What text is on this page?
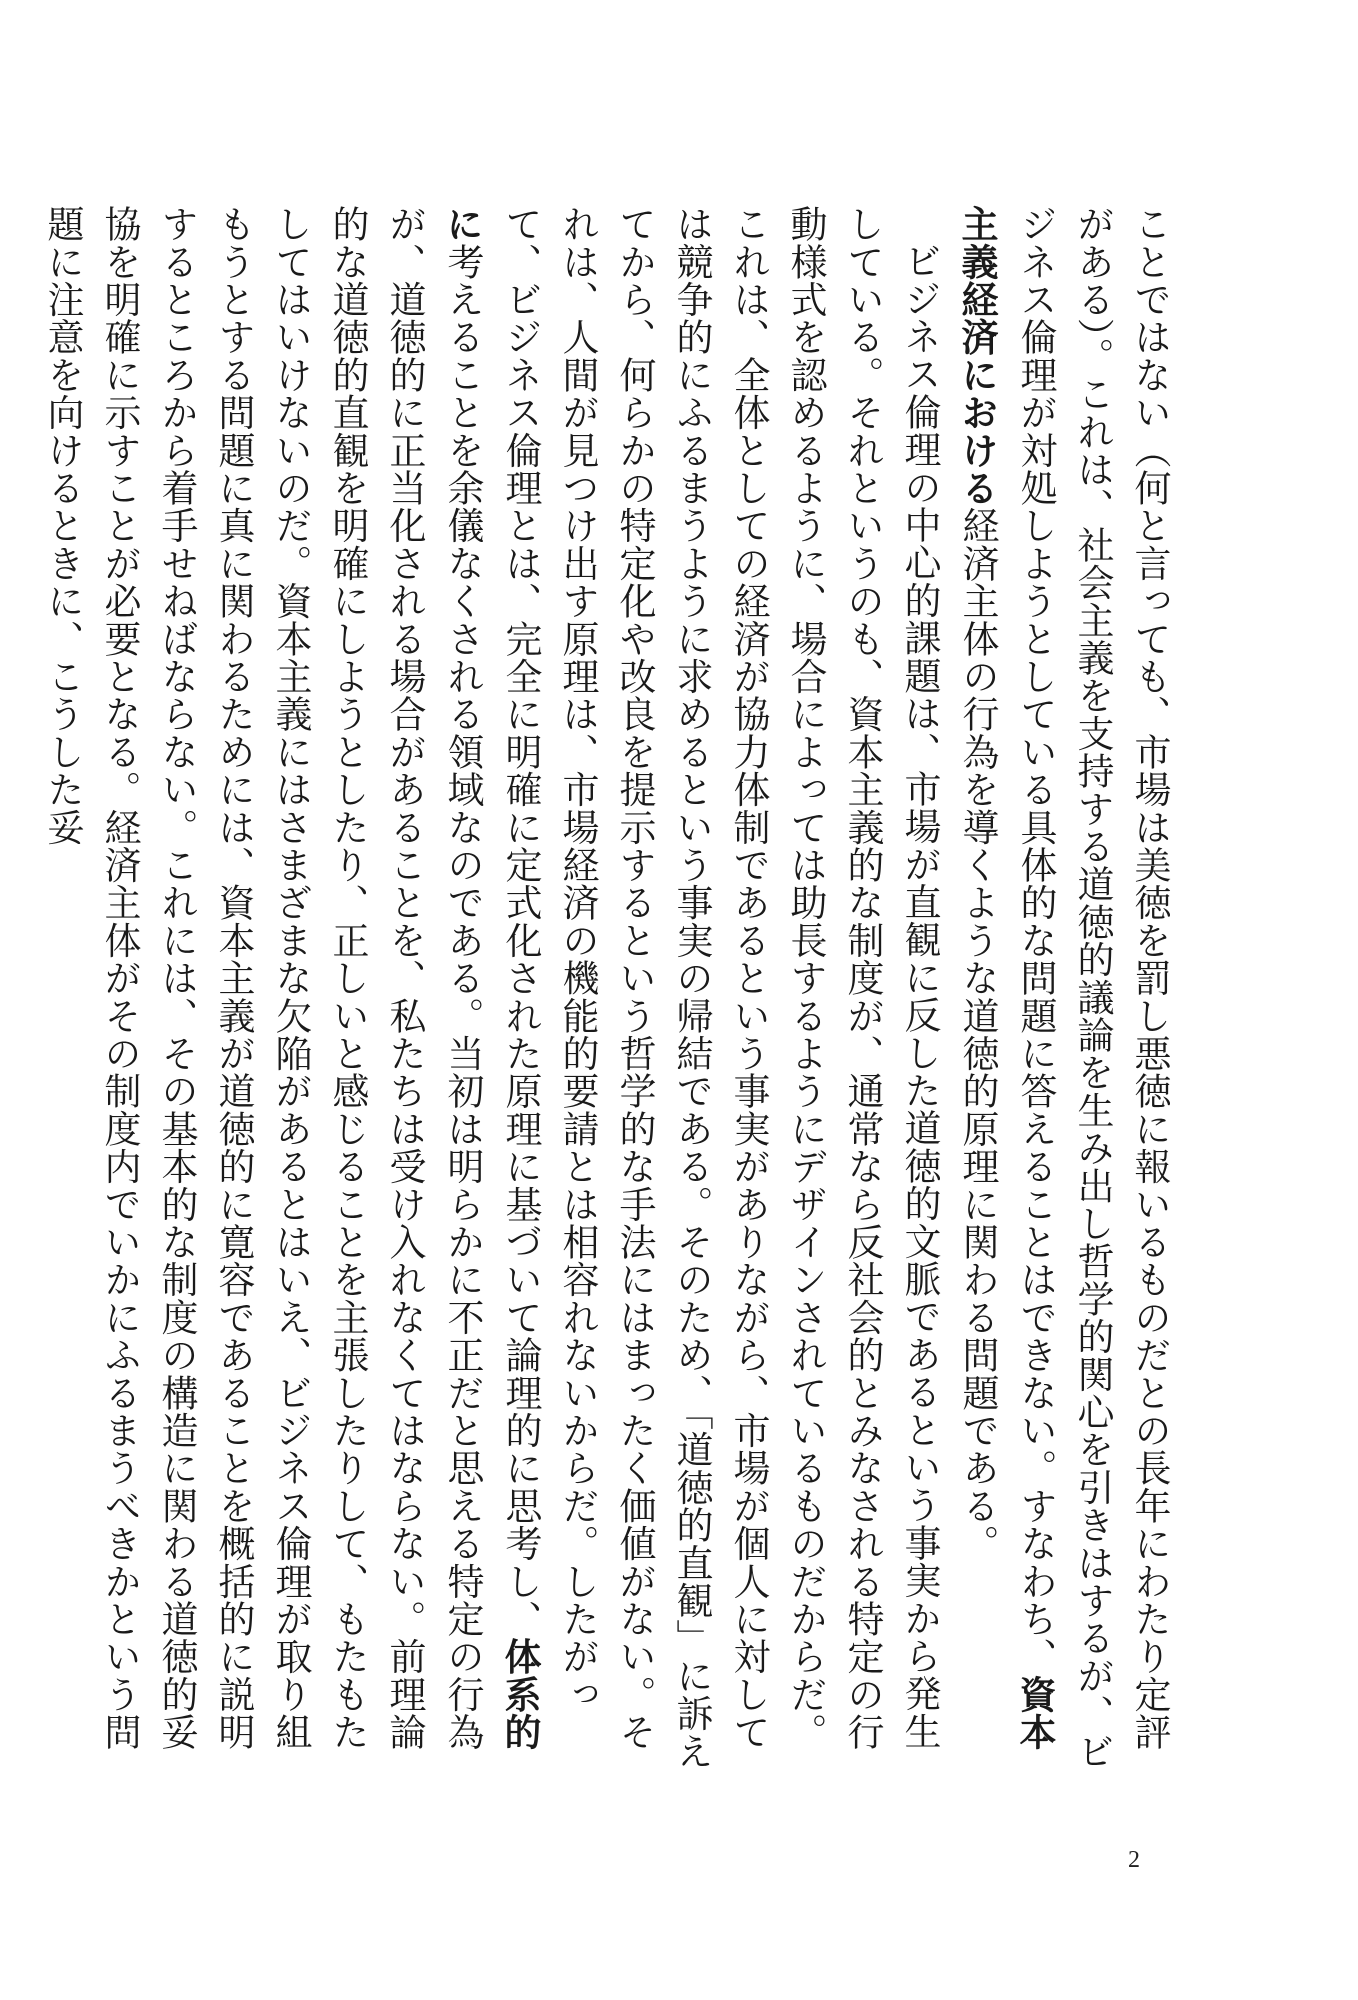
ことではない（何と言っても、市場は美徳を罰し悪徳に報いるものだとの長年にわたり定評がある）。これは、社会主義を支持する道徳的議論を生み出し哲学的関心を引きはするが、ビジネス倫理が対処しようとしている具体的な問題に答えることはできない。すなわち、資本主義経済における経済主体の行為を導くような道徳的原理に関わる問題である。

ビジネス倫理の中心的課題は、市場が直観に反した道徳的文脈であるという事実から発生している。それというのも、資本主義的な制度が、通常なら反社会的とみなされる特定の行動様式を認めるように、場合によっては助長するようにデザインされているものだからだ。これは、全体としての経済が協力体制であるという事実がありながら、市場が個人に対しては競争的にふるまうように求めるという事実の帰結である。そのため、「道徳的直観」に訴えてから、何らかの特定化や改良を提示するという哲学的な手法にはまったく価値がない。それは、人間が見つけ出す原理は、市場経済の機能的要請とは相容れないからだ。したがって、ビジネス倫理とは、完全に明確に定式化された原理に基づいて論理的に思考し、体系的に考えることを余儀なくされる領域なのである。当初は明らかに不正だと思える特定の行為が、道徳的に正当化される場合があることを、私たちは受け入れなくてはならない。前理論的な道徳的直観を明確にしようとしたり、正しいと感じることを主張したりして、もたもたしてはいけないのだ。資本主義にはさまざまな欠陥があるとはいえ、ビジネス倫理が取り組もうとする問題に真に関わるためには、資本主義が道徳的に寛容であることを概括的に説明するところから着手せねばならない。これには、その基本的な制度の構造に関わる道徳的妥協を明確に示すことが必要となる。経済主体がその制度内でいかにふるまうべきかという問題に注意を向けるときに、こうした妥

2
